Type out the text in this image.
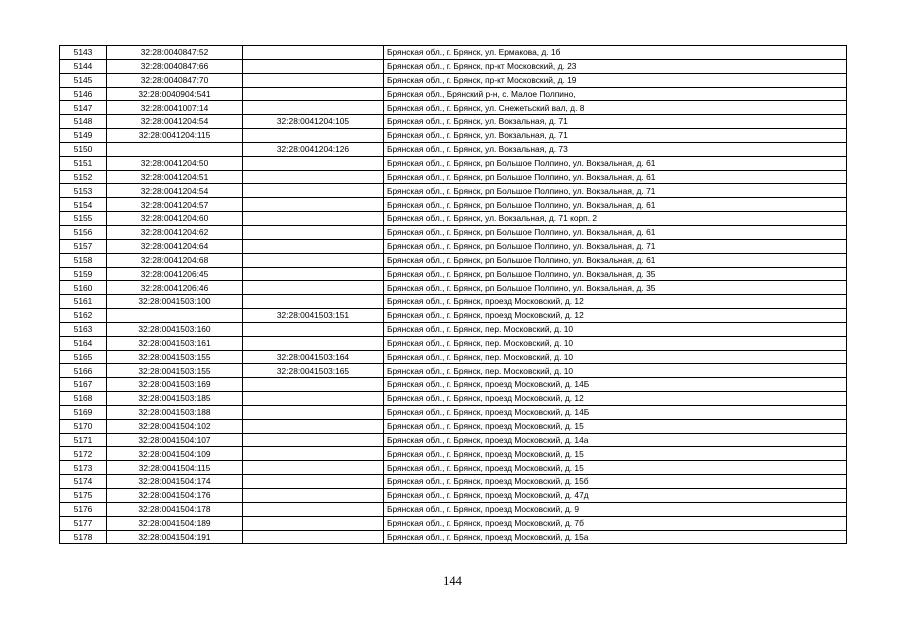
5143	32:28:0040847:52		Брянская обл., г. Брянск, ул. Ермакова, д. 1б
5144	32:28:0040847:66		Брянская обл., г. Брянск, пр-кт Московский, д. 23
5145	32:28:0040847:70		Брянская обл., г. Брянск, пр-кт Московский, д. 19
5146	32:28:0040904:541		Брянская обл., Брянский р-н, с. Малое Полпино,
5147	32:28:0041007:14		Брянская обл., г. Брянск, ул. Снежетьский вал, д. 8
5148	32:28:0041204:54	32:28:0041204:105	Брянская обл., г. Брянск, ул. Вокзальная, д. 71
5149	32:28:0041204:115		Брянская обл., г. Брянск, ул. Вокзальная, д. 71
5150		32:28:0041204:126	Брянская обл., г. Брянск, ул. Вокзальная, д. 73
5151	32:28:0041204:50		Брянская обл., г. Брянск, рп Большое Полпино, ул. Вокзальная, д. 61
5152	32:28:0041204:51		Брянская обл., г. Брянск, рп Большое Полпино, ул. Вокзальная, д. 61
5153	32:28:0041204:54		Брянская обл., г. Брянск, рп Большое Полпино, ул. Вокзальная, д. 71
5154	32:28:0041204:57		Брянская обл., г. Брянск, рп Большое Полпино, ул. Вокзальная, д. 61
5155	32:28:0041204:60		Брянская обл., г. Брянск, ул. Вокзальная, д. 71 корп. 2
5156	32:28:0041204:62		Брянская обл., г. Брянск, рп Большое Полпино, ул. Вокзальная, д. 61
5157	32:28:0041204:64		Брянская обл., г. Брянск, рп Большое Полпино, ул. Вокзальная, д. 71
5158	32:28:0041204:68		Брянская обл., г. Брянск, рп Большое Полпино, ул. Вокзальная, д. 61
5159	32:28:0041206:45		Брянская обл., г. Брянск, рп Большое Полпино, ул. Вокзальная, д. 35
5160	32:28:0041206:46		Брянская обл., г. Брянск, рп Большое Полпино, ул. Вокзальная, д. 35
5161	32:28:0041503:100		Брянская обл., г. Брянск, проезд Московский, д. 12
5162		32:28:0041503:151	Брянская обл., г. Брянск, проезд Московский, д. 12
5163	32:28:0041503:160		Брянская обл., г. Брянск, пер. Московский, д. 10
5164	32:28:0041503:161		Брянская обл., г. Брянск, пер. Московский, д. 10
5165	32:28:0041503:155	32:28:0041503:164	Брянская обл., г. Брянск, пер. Московский, д. 10
5166	32:28:0041503:155	32:28:0041503:165	Брянская обл., г. Брянск, пер. Московский, д. 10
5167	32:28:0041503:169		Брянская обл., г. Брянск, проезд Московский, д. 14Б
5168	32:28:0041503:185		Брянская обл., г. Брянск, проезд Московский, д. 12
5169	32:28:0041503:188		Брянская обл., г. Брянск, проезд Московский, д. 14Б
5170	32:28:0041504:102		Брянская обл., г. Брянск, проезд Московский, д. 15
5171	32:28:0041504:107		Брянская обл., г. Брянск, проезд Московский, д. 14а
5172	32:28:0041504:109		Брянская обл., г. Брянск, проезд Московский, д. 15
5173	32:28:0041504:115		Брянская обл., г. Брянск, проезд Московский, д. 15
5174	32:28:0041504:174		Брянская обл., г. Брянск, проезд Московский, д. 15б
5175	32:28:0041504:176		Брянская обл., г. Брянск, проезд Московский, д. 47д
5176	32:28:0041504:178		Брянская обл., г. Брянск, проезд Московский, д. 9
5177	32:28:0041504:189		Брянская обл., г. Брянск, проезд Московский, д. 7б
5178	32:28:0041504:191		Брянская обл., г. Брянск, проезд Московский, д. 15а
144
